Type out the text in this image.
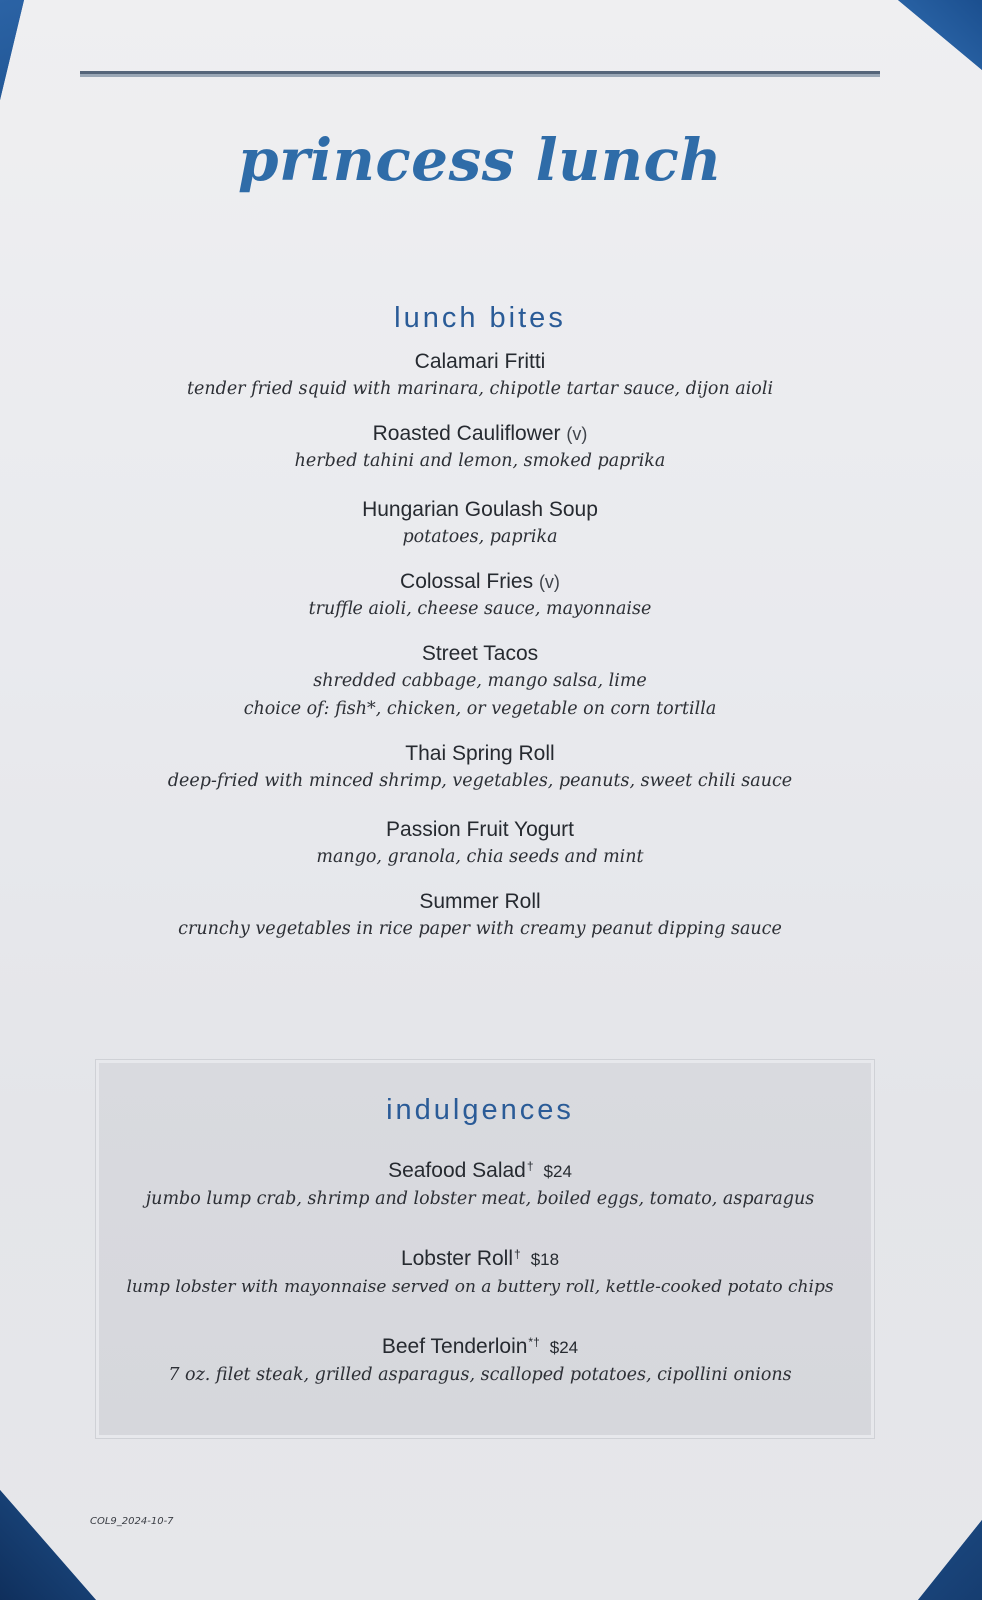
princess lunch
lunch bites
Calamari Fritti
tender fried squid with marinara, chipotle tartar sauce, dijon aioli
Roasted Cauliflower (v)
herbed tahini and lemon, smoked paprika
Hungarian Goulash Soup
potatoes, paprika
Colossal Fries (v)
truffle aioli, cheese sauce, mayonnaise
Street Tacos
shredded cabbage, mango salsa, lime
choice of: fish*, chicken, or vegetable on corn tortilla
Thai Spring Roll
deep-fried with minced shrimp, vegetables, peanuts, sweet chili sauce
Passion Fruit Yogurt
mango, granola, chia seeds and mint
Summer Roll
crunchy vegetables in rice paper with creamy peanut dipping sauce
indulgences
Seafood Salad† $24
jumbo lump crab, shrimp and lobster meat, boiled eggs, tomato, asparagus
Lobster Roll† $18
lump lobster with mayonnaise served on a buttery roll, kettle-cooked potato chips
Beef Tenderloin*† $24
7 oz. filet steak, grilled asparagus, scalloped potatoes, cipollini onions
COL9_2024-10-7
